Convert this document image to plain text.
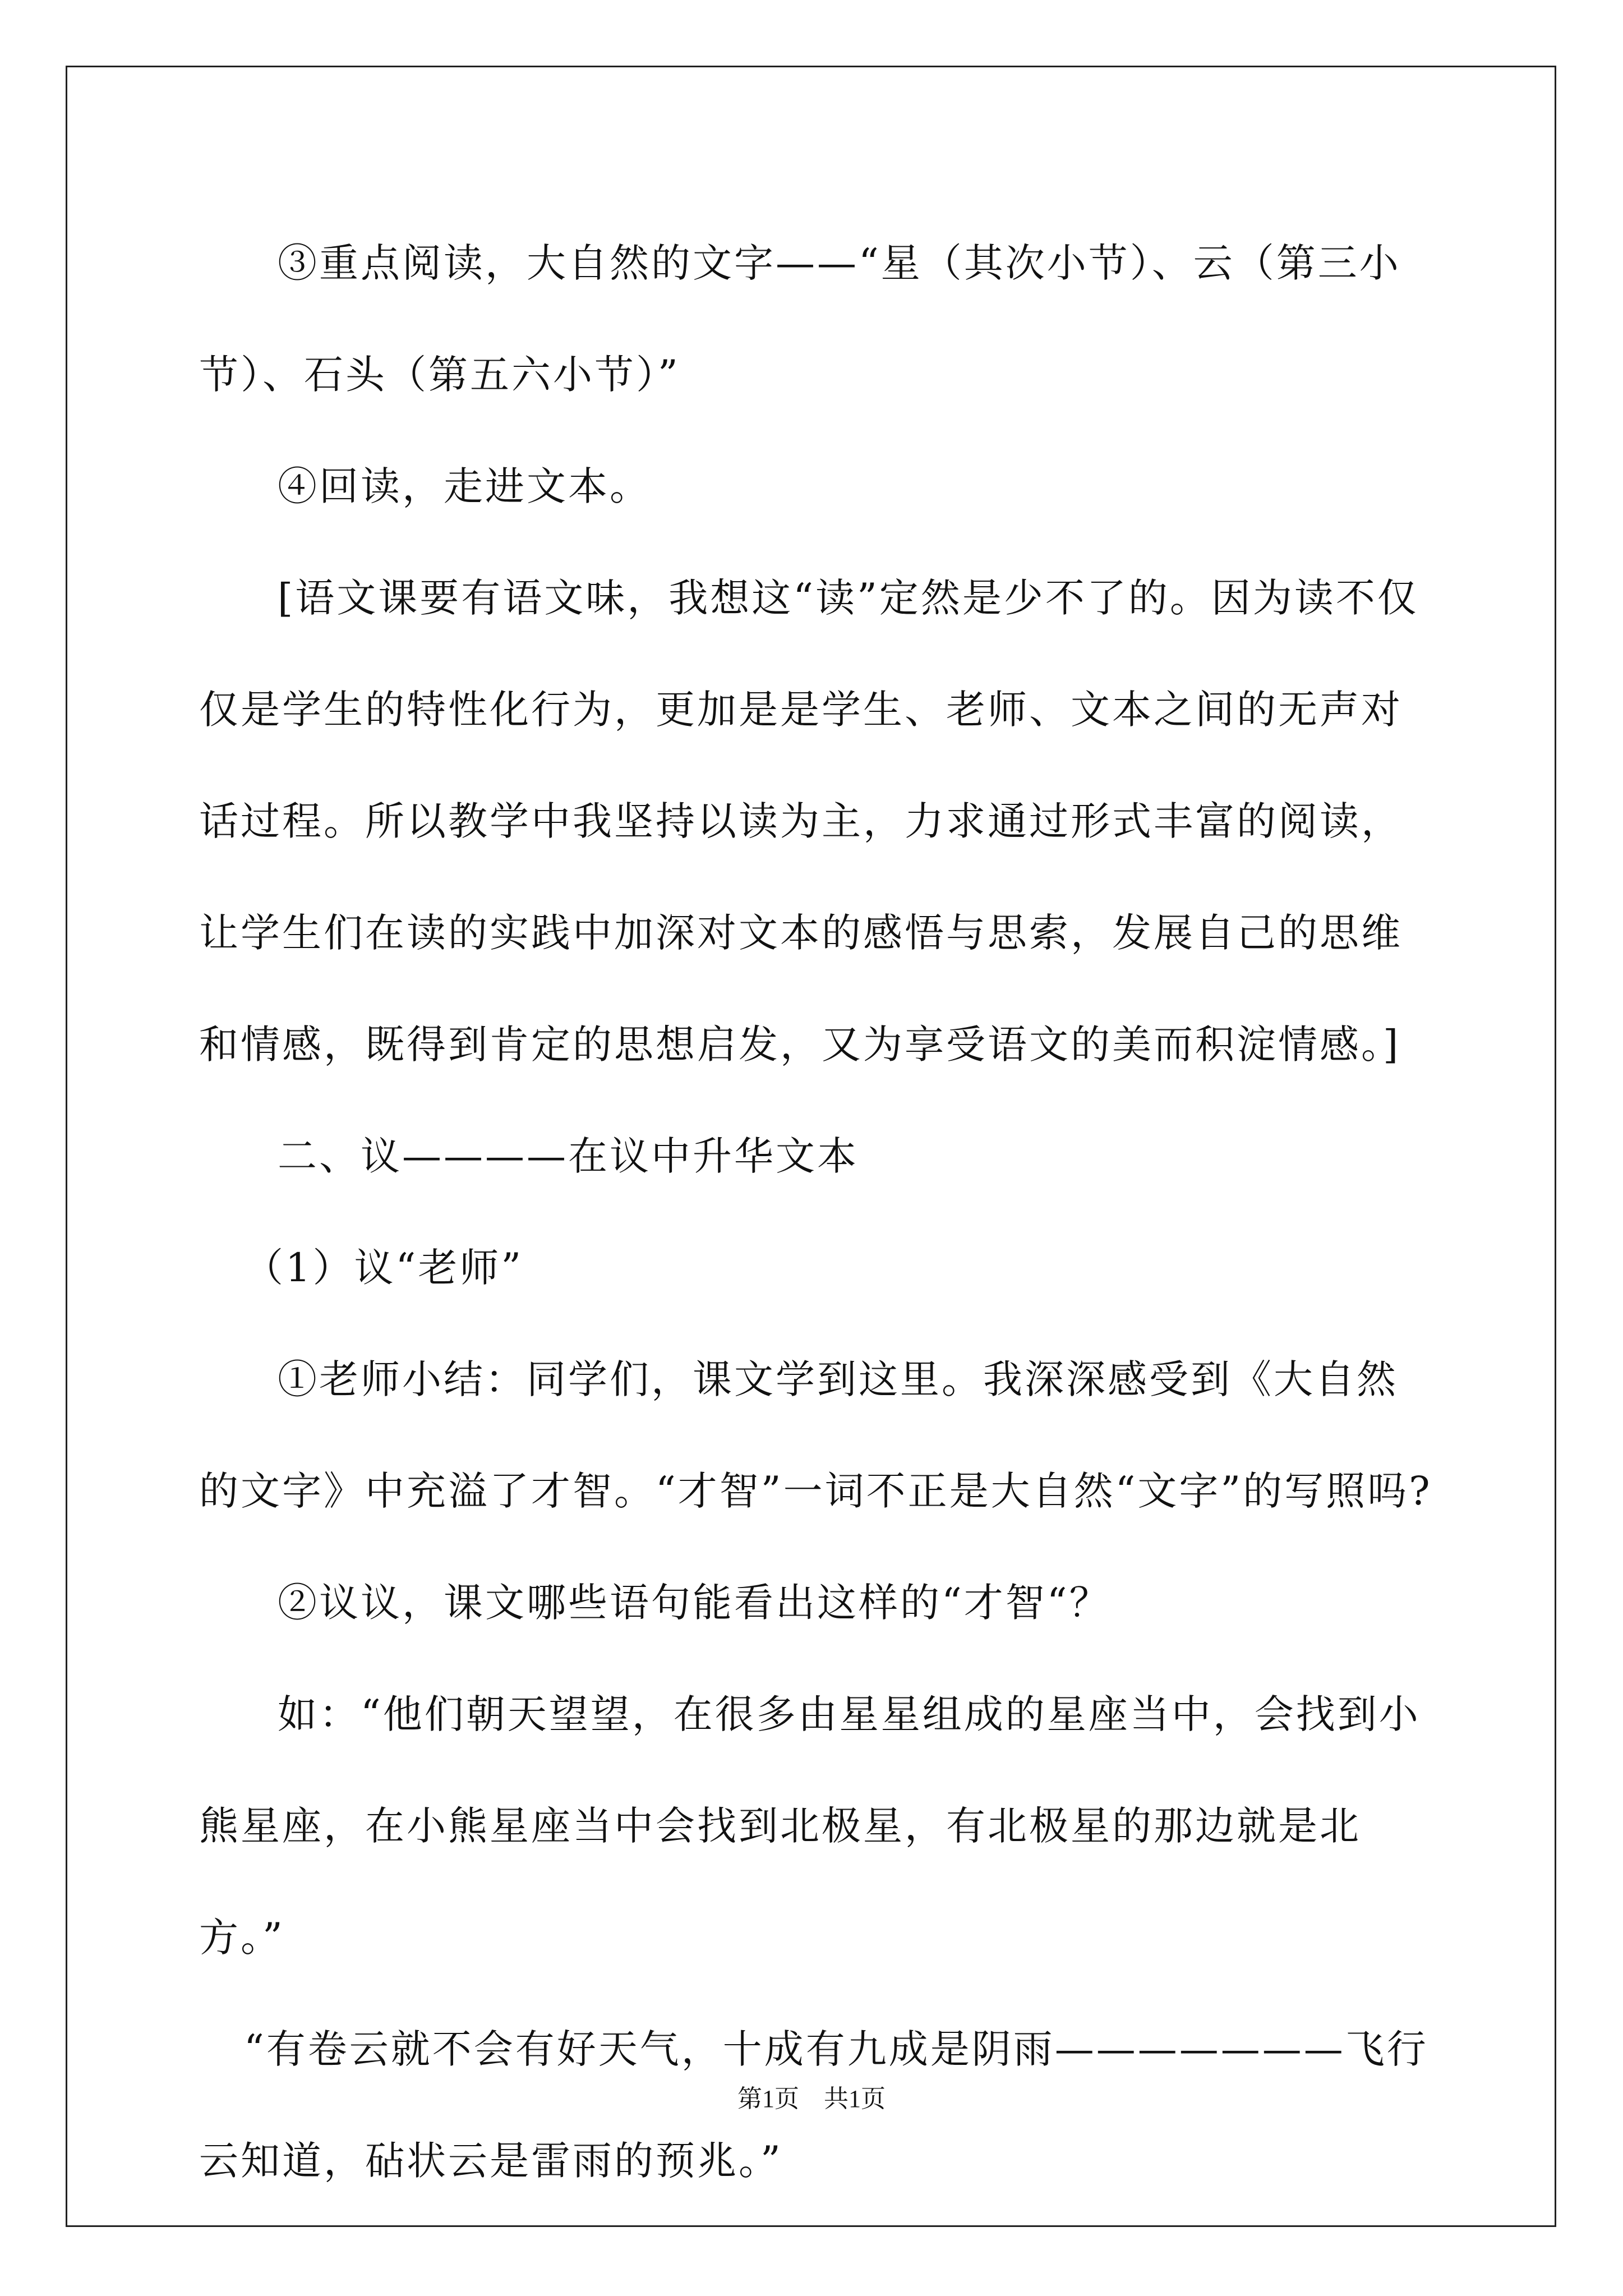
③重点阅读，大自然的文字——“星（其次小节）、云（第三小节）、石头（第五六小节）”

④回读，走进文本。

[语文课要有语文味，我想这“读”定然是少不了的。因为读不仅仅是学生的特性化行为，更加是是学生、老师、文本之间的无声对话过程。所以教学中我坚持以读为主，力求通过形式丰富的阅读，让学生们在读的实践中加深对文本的感悟与思索，发展自己的思维和情感，既得到肯定的思想启发，又为享受语文的美而积淀情感。]

二、议————在议中升华文本

（1）议“老师”

①老师小结：同学们，课文学到这里。我深深感受到《大自然的文字》中充溢了才智。“才智”一词不正是大自然“文字”的写照吗?

②议议，课文哪些语句能看出这样的“才智“？

如：“他们朝天望望，在很多由星星组成的星座当中，会找到小熊星座，在小熊星座当中会找到北极星，有北极星的那边就是北方。”

“有卷云就不会有好天气，十成有九成是阴雨———————飞行云知道，砧状云是雷雨的预兆。”

第1页　共1页
